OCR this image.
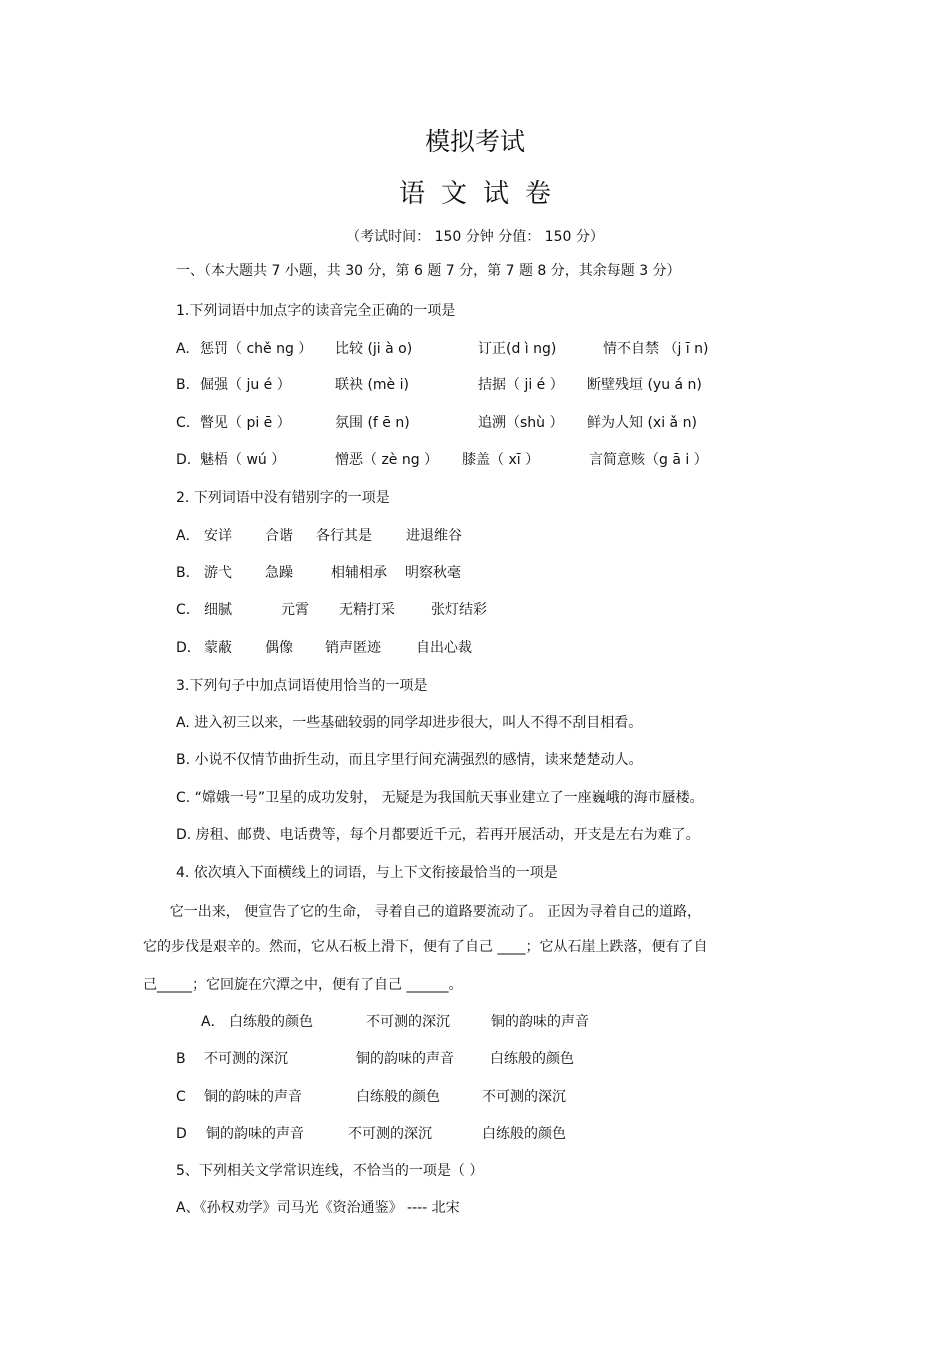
模拟考试
语 文 试 卷
（考试时间： 150 分钟 分值： 150 分）
一、（本大题共 7 小题，共 30 分，第 6 题 7 分，第 7 题 8 分，其余每题 3 分）
1.下列词语中加点字的读音完全正确的一项是
A. 惩罚（ chě ng ） 比较 (ji à o)	订正(d ì ng)	情不自禁 （j ī n)
B. 倔强（ ju é ）	联袂 (mè i)	拮据（ ji é ） 断壁残垣 (yu á n)
C. 瞥见（ pi ē ）	氛围 (f ē n)	追溯（shù ） 鲜为人知 (xi ǎ n)
D. 魅梧（ wú ）	憎恶（ zè ng ） 膝盖（ xī ）	言简意赅（g ā i ）
2. 下列词语中没有错别字的一项是
A． 安详 合谐 各行其是 进退维谷
B． 游弋 急躁	相辅相承 明察秋毫
C． 细腻	元霄 无精打采	张灯结彩
D． 蒙蔽 偶像 销声匿迹	自出心裁
3.下列句子中加点词语使用恰当的一项是
A. 进入初三以来，一些基础较弱的同学却进步很大，叫人不得不刮目相看。
B. 小说不仅情节曲折生动，而且字里行间充满强烈的感情，读来楚楚动人。
C. “嫦娥一号”卫星的成功发射， 无疑是为我国航天事业建立了一座巍峨的海市蜃楼。
D. 房租、邮费、电话费等，每个月都要近千元，若再开展活动，开支是左右为难了。
4. 依次填入下面横线上的词语，与上下文衔接最恰当的一项是
它一出来， 便宣告了它的生命， 寻着自己的道路要流动了。 正因为寻着自己的道路，
它的步伐是艰辛的。然而，它从石板上滑下，便有了自己 ____；它从石崖上跌落，便有了自
己_____；它回旋在穴潭之中，便有了自己 ______。
A． 白练般的颜色	不可测的深沉	铜的韵味的声音
B 不可测的深沉	铜的韵味的声音	白练般的颜色
C 铜的韵味的声音	白练般的颜色	不可测的深沉
D 铜的韵味的声音	不可测的深沉	白练般的颜色
5、下列相关文学常识连线，不恰当的一项是（ ）
A、《孙权劝学》司马光《资治通鉴》 ---- 北宋
